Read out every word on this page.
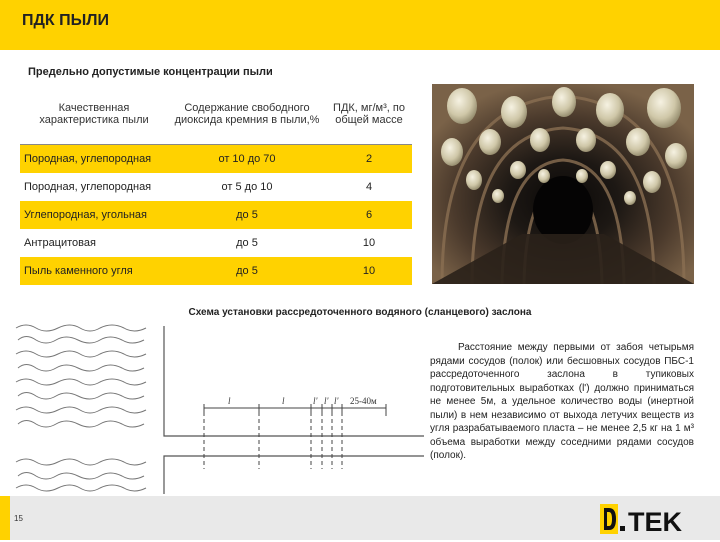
ПДК ПЫЛИ
Предельно допустимые концентрации пыли
Качественная характеристика пыли	Содержание свободного диоксида кремния в пыли,%	ПДК, мг/м³, по общей массе
Породная, углепородная	от 10 до 70	2
Породная, углепородная	от 5 до 10	4
Углепородная, угольная	до 5	6
Антрацитовая	до 5	10
Пыль каменного угля	до 5	10
Схема установки рассредоточенного водяного (сланцевого) заслона
l	l	l' l' l' 25-40м
Расстояние между первыми от забоя четырьмя рядами сосудов (полок) или бесшовных сосудов ПБС-1 рассредоточенного заслона в тупиковых подготовительных выработках (l') должно приниматься не менее 5м, а удельное количество воды (инертной пыли) в нем независимо от выхода летучих веществ из угля разрабатываемого пласта – не менее 2,5 кг на 1 м³ объема выработки между соседними рядами сосудов (полок).
15	TEK
